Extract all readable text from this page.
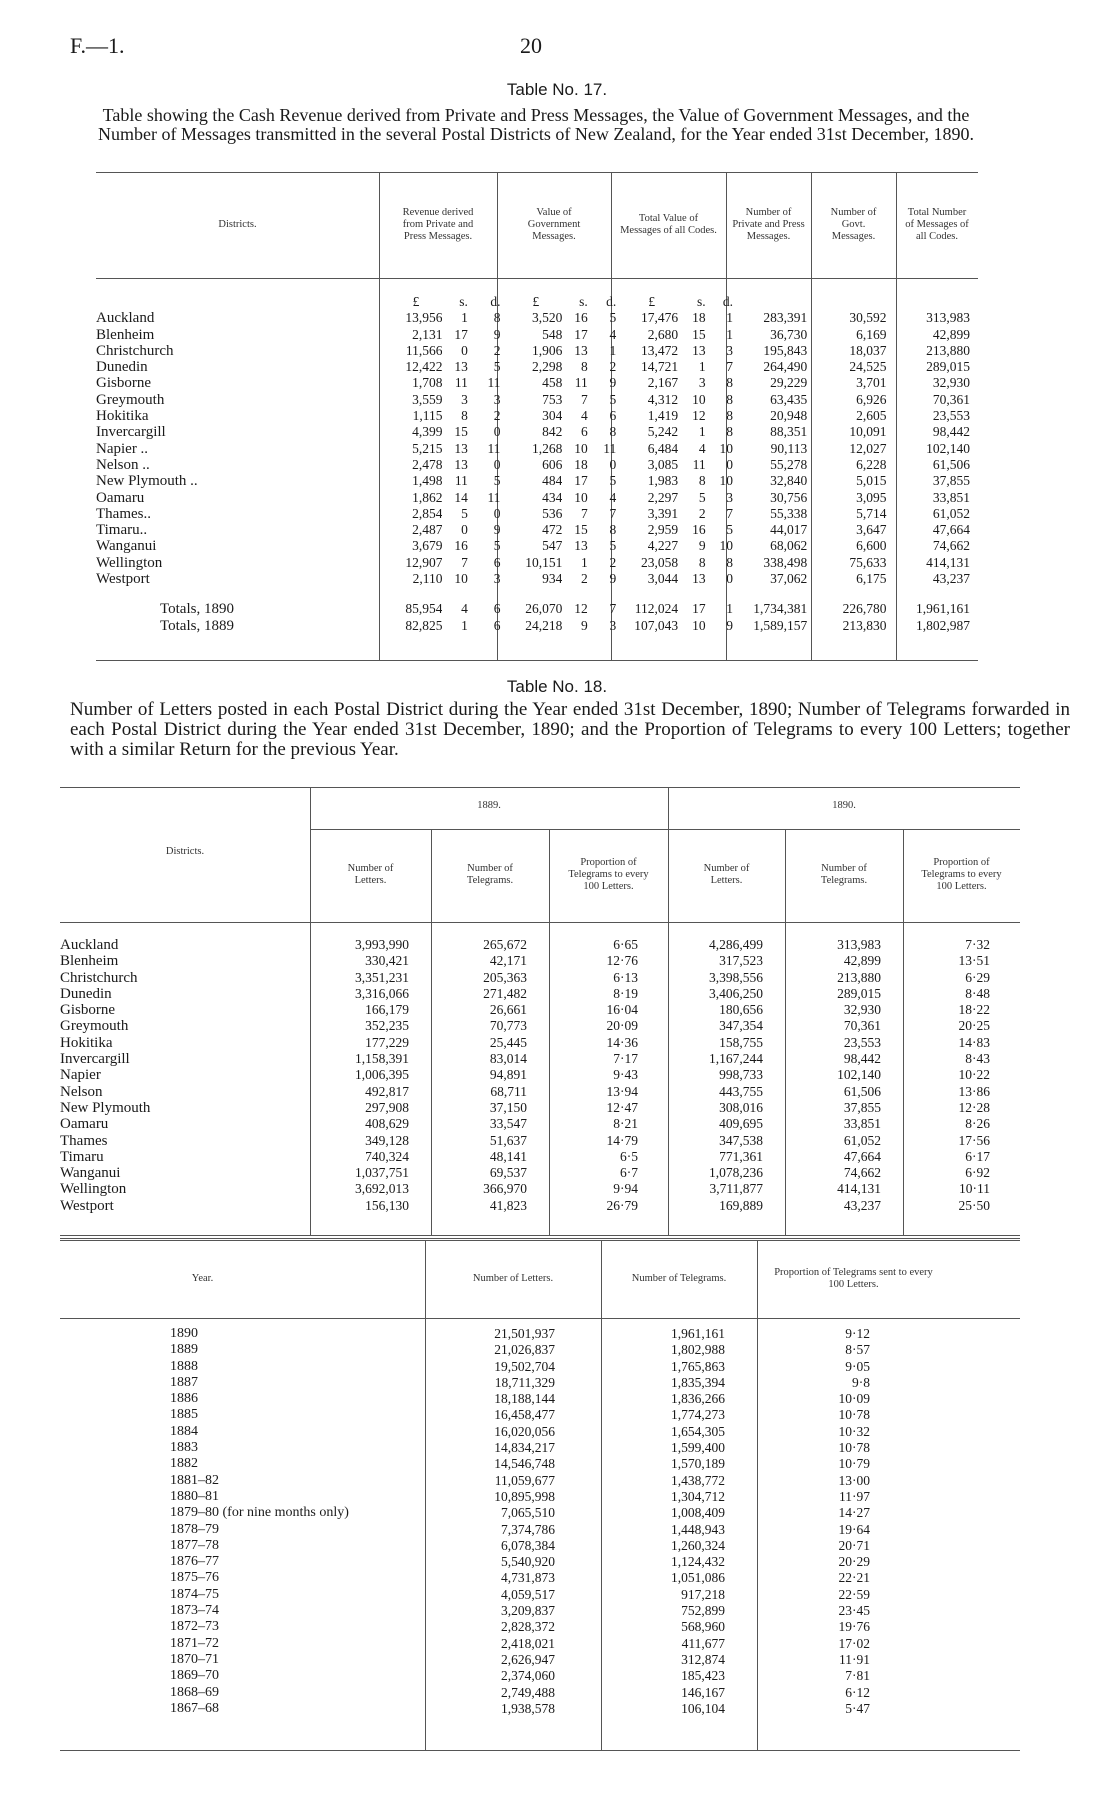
F.—1.	20
Table No. 17.
Table showing the Cash Revenue derived from Private and Press Messages, the Value of Government Messages, and the Number of Messages transmitted in the several Postal Districts of New Zealand, for the Year ended 31st December, 1890.
Districts.	Revenue derived from Private and Press Messages.	Value of Government Messages.	Total Value of Messages of all Codes.	Number of Private and Press Messages.	Number of Govt. Messages.	Total Number of Messages of all Codes.
	£	s.	d.	£	s.	d.	£	s.	d.			
Auckland	13,956	1	8	3,520	16	5	17,476	18	1	283,391	30,592	313,983
Blenheim	2,131	17	9	548	17	4	2,680	15	1	36,730	6,169	42,899
Christchurch	11,566	0	2	1,906	13	1	13,472	13	3	195,843	18,037	213,880
Dunedin	12,422	13	5	2,298	8	2	14,721	1	7	264,490	24,525	289,015
Gisborne	1,708	11	11	458	11	9	2,167	3	8	29,229	3,701	32,930
Greymouth	3,559	3	3	753	7	5	4,312	10	8	63,435	6,926	70,361
Hokitika	1,115	8	2	304	4	6	1,419	12	8	20,948	2,605	23,553
Invercargill	4,399	15	0	842	6	8	5,242	1	8	88,351	10,091	98,442
Napier ..	5,215	13	11	1,268	10	11	6,484	4	10	90,113	12,027	102,140
Nelson ..	2,478	13	0	606	18	0	3,085	11	0	55,278	6,228	61,506
New Plymouth ..	1,498	11	5	484	17	5	1,983	8	10	32,840	5,015	37,855
Oamaru	1,862	14	11	434	10	4	2,297	5	3	30,756	3,095	33,851
Thames..	2,854	5	0	536	7	7	3,391	2	7	55,338	5,714	61,052
Timaru..	2,487	0	9	472	15	8	2,959	16	5	44,017	3,647	47,664
Wanganui	3,679	16	5	547	13	5	4,227	9	10	68,062	6,600	74,662
Wellington	12,907	7	6	10,151	1	2	23,058	8	8	338,498	75,633	414,131
Westport	2,110	10	3	934	2	9	3,044	13	0	37,062	6,175	43,237

Totals, 1890	85,954	4	6	26,070	12	7	112,024	17	1	1,734,381	226,780	1,961,161
Totals, 1889	82,825	1	6	24,218	9	3	107,043	10	9	1,589,157	213,830	1,802,987
Table No. 18.
Number of Letters posted in each Postal District during the Year ended 31st December, 1890; Number of Telegrams forwarded in each Postal District during the Year ended 31st December, 1890; and the Proportion of Telegrams to every 100 Letters; together with a similar Return for the previous Year.
1889.	1890.
Districts.	Number of Letters.	Number of Telegrams.	Proportion of Telegrams to every 100 Letters.	Number of Letters.	Number of Telegrams.	Proportion of Telegrams to every 100 Letters.
Auckland	3,993,990	265,672	6·65	4,286,499	313,983	7·32
Blenheim	330,421	42,171	12·76	317,523	42,899	13·51
Christchurch	3,351,231	205,363	6·13	3,398,556	213,880	6·29
Dunedin	3,316,066	271,482	8·19	3,406,250	289,015	8·48
Gisborne	166,179	26,661	16·04	180,656	32,930	18·22
Greymouth	352,235	70,773	20·09	347,354	70,361	20·25
Hokitika	177,229	25,445	14·36	158,755	23,553	14·83
Invercargill	1,158,391	83,014	7·17	1,167,244	98,442	8·43
Napier	1,006,395	94,891	9·43	998,733	102,140	10·22
Nelson	492,817	68,711	13·94	443,755	61,506	13·86
New Plymouth	297,908	37,150	12·47	308,016	37,855	12·28
Oamaru	408,629	33,547	8·21	409,695	33,851	8·26
Thames	349,128	51,637	14·79	347,538	61,052	17·56
Timaru	740,324	48,141	6·5	771,361	47,664	6·17
Wanganui	1,037,751	69,537	6·7	1,078,236	74,662	6·92
Wellington	3,692,013	366,970	9·94	3,711,877	414,131	10·11
Westport	156,130	41,823	26·79	169,889	43,237	25·50
Year.	Number of Letters.	Number of Telegrams.	Proportion of Telegrams sent to every 100 Letters.
1890	21,501,937	1,961,161	9·12
1889	21,026,837	1,802,988	8·57
1888	19,502,704	1,765,863	9·05
1887	18,711,329	1,835,394	9·8
1886	18,188,144	1,836,266	10·09
1885	16,458,477	1,774,273	10·78
1884	16,020,056	1,654,305	10·32
1883	14,834,217	1,599,400	10·78
1882	14,546,748	1,570,189	10·79
1881–82	11,059,677	1,438,772	13·00
1880–81	10,895,998	1,304,712	11·97
1879–80 (for nine months only)	7,065,510	1,008,409	14·27
1878–79	7,374,786	1,448,943	19·64
1877–78	6,078,384	1,260,324	20·71
1876–77	5,540,920	1,124,432	20·29
1875–76	4,731,873	1,051,086	22·21
1874–75	4,059,517	917,218	22·59
1873–74	3,209,837	752,899	23·45
1872–73	2,828,372	568,960	19·76
1871–72	2,418,021	411,677	17·02
1870–71	2,626,947	312,874	11·91
1869–70	2,374,060	185,423	7·81
1868–69	2,749,488	146,167	6·12
1867–68	1,938,578	106,104	5·47
